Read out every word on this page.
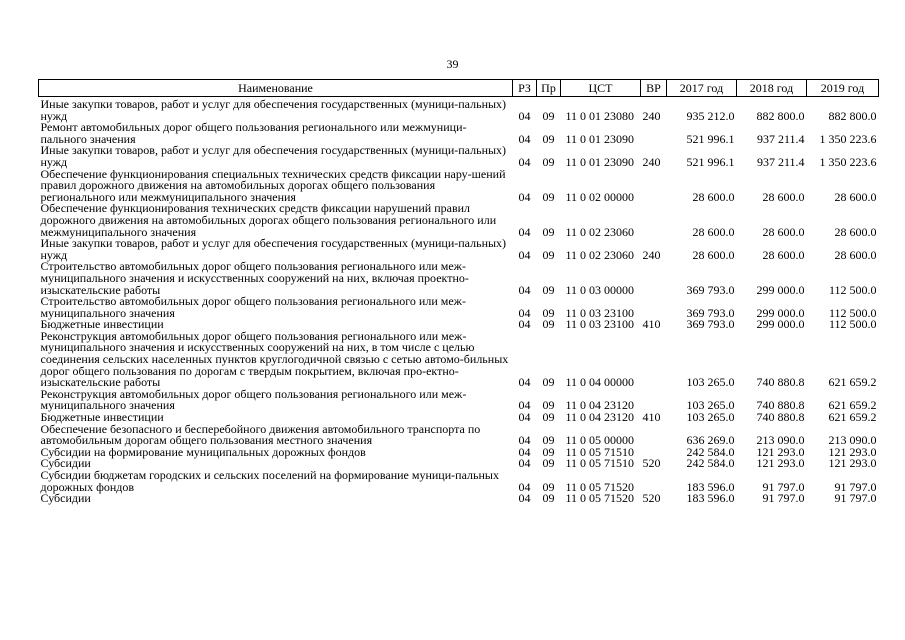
39
Наименование	РЗ	Пр	ЦСТ	ВР	2017 год	2018 год	2019 год
Иные закупки товаров, работ и услуг для обеспечения государственных (муници-пальных) нужд	04	09	11 0 01 23080	240	935 212.0	882 800.0	882 800.0
Ремонт автомобильных дорог общего пользования регионального или межмуници-пального значения	04	09	11 0 01 23090		521 996.1	937 211.4	1 350 223.6
Иные закупки товаров, работ и услуг для обеспечения государственных (муници-пальных) нужд	04	09	11 0 01 23090	240	521 996.1	937 211.4	1 350 223.6
Обеспечение функционирования специальных технических средств фиксации нару-шений правил дорожного движения на автомобильных дорогах общего пользования регионального или межмуниципального значения	04	09	11 0 02 00000		28 600.0	28 600.0	28 600.0
Обеспечение функционирования технических средств фиксации нарушений правил дорожного движения на автомобильных дорогах общего пользования регионального или межмуниципального значения	04	09	11 0 02 23060		28 600.0	28 600.0	28 600.0
Иные закупки товаров, работ и услуг для обеспечения государственных (муници-пальных) нужд	04	09	11 0 02 23060	240	28 600.0	28 600.0	28 600.0
Строительство автомобильных дорог общего пользования регионального или меж-муниципального значения и искусственных сооружений на них, включая проектно-изыскательские работы	04	09	11 0 03 00000		369 793.0	299 000.0	112 500.0
Строительство автомобильных дорог общего пользования регионального или меж-муниципального значения	04	09	11 0 03 23100		369 793.0	299 000.0	112 500.0
Бюджетные инвестиции	04	09	11 0 03 23100	410	369 793.0	299 000.0	112 500.0
Реконструкция автомобильных дорог общего пользования регионального или меж-муниципального значения и искусственных сооружений на них, в том числе с целью соединения сельских населенных пунктов круглогодичной связью с сетью автомо-бильных дорог общего пользования по дорогам с твердым покрытием, включая про-ектно-изыскательские работы	04	09	11 0 04 00000		103 265.0	740 880.8	621 659.2
Реконструкция автомобильных дорог общего пользования регионального или меж-муниципального значения	04	09	11 0 04 23120		103 265.0	740 880.8	621 659.2
Бюджетные инвестиции	04	09	11 0 04 23120	410	103 265.0	740 880.8	621 659.2
Обеспечение безопасного и бесперебойного движения автомобильного транспорта по автомобильным дорогам общего пользования местного значения	04	09	11 0 05 00000		636 269.0	213 090.0	213 090.0
Субсидии на формирование муниципальных дорожных фондов	04	09	11 0 05 71510		242 584.0	121 293.0	121 293.0
Субсидии	04	09	11 0 05 71510	520	242 584.0	121 293.0	121 293.0
Субсидии бюджетам городских и сельских поселений на формирование муници-пальных дорожных фондов	04	09	11 0 05 71520		183 596.0	91 797.0	91 797.0
Субсидии	04	09	11 0 05 71520	520	183 596.0	91 797.0	91 797.0
